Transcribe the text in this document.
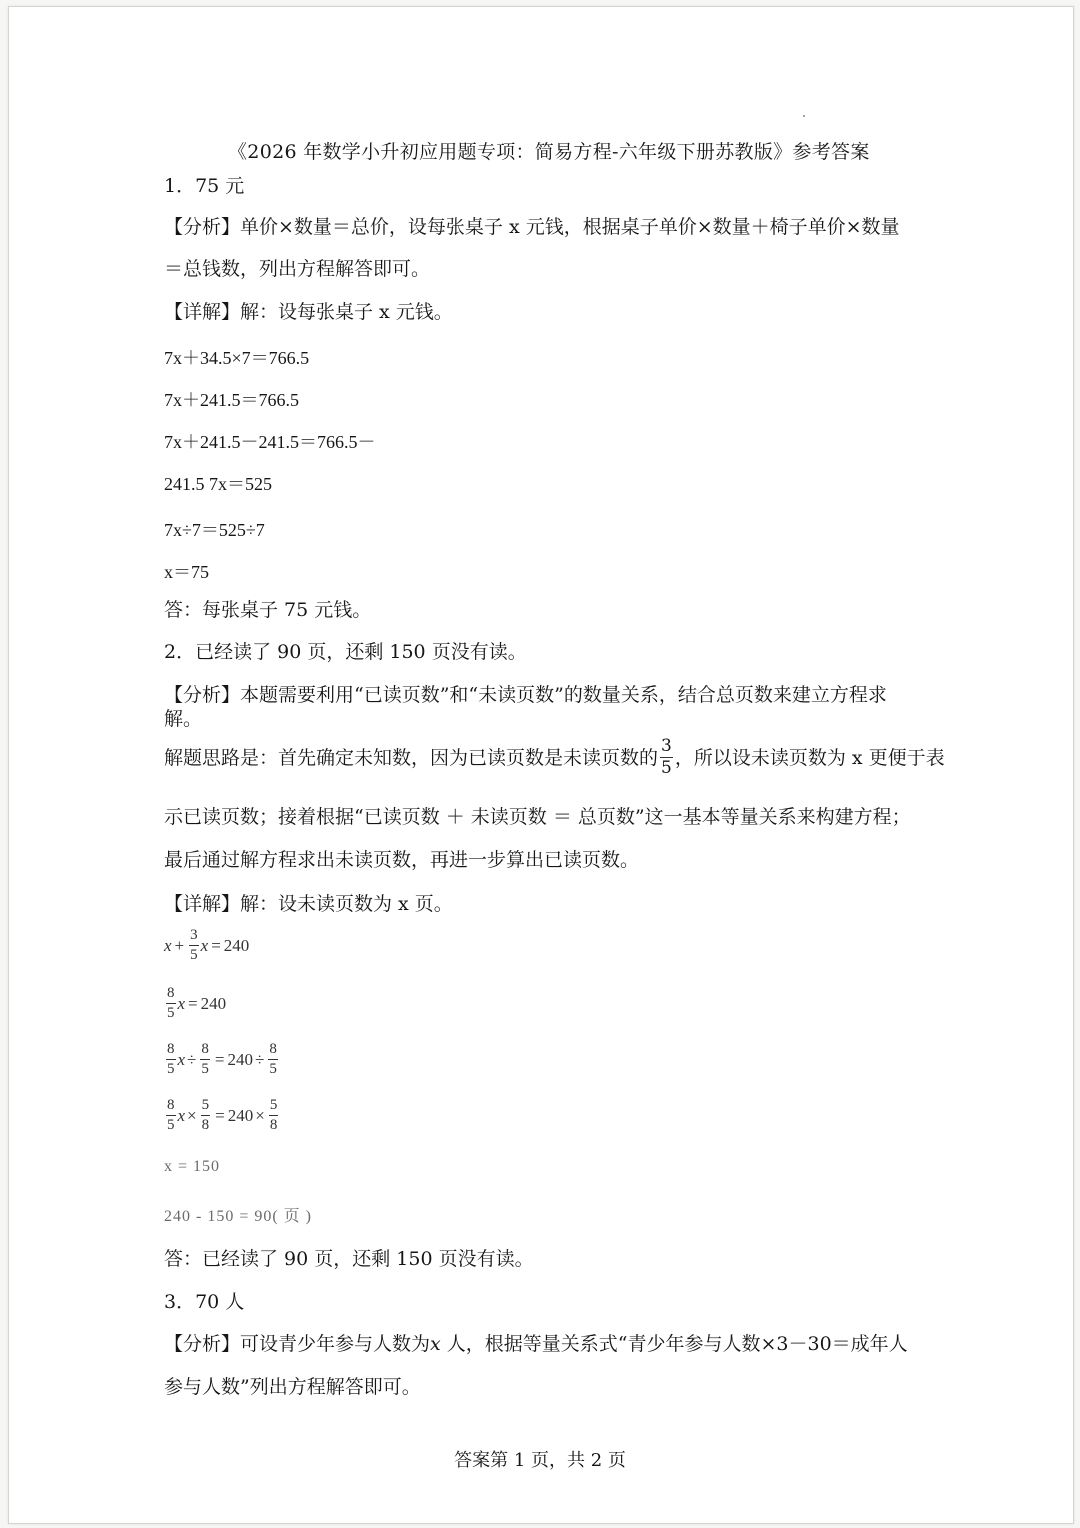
《2026 年数学小升初应用题专项：简易方程-六年级下册苏教版》参考答案
1．75 元
【分析】单价×数量＝总价，设每张桌子 x 元钱，根据桌子单价×数量＋椅子单价×数量
＝总钱数，列出方程解答即可。
【详解】解：设每张桌子 x 元钱。
7x＋34.5×7＝766.5
7x＋241.5＝766.5
7x＋241.5－241.5＝766.5－
241.5 7x＝525
7x÷7＝525÷7
x＝75
答：每张桌子 75 元钱。
2．已经读了 90 页，还剩 150 页没有读。
【分析】本题需要利用“已读页数”和“未读页数”的数量关系，结合总页数来建立方程求
解。
解题思路是：首先确定未知数，因为已读页数是未读页数的 $\frac{3}{5}$ ，所以设未读页数为 x 更便于表
示已读页数；接着根据“已读页数 ＋ 未读页数 ＝ 总页数”这一基本等量关系来构建方程；
最后通过解方程求出未读页数，再进一步算出已读页数。
【详解】解：设未读页数为 x 页。
$x + \frac{3}{5}$ x = 240
$\frac{8}{5}$ x = 240
$\frac{8}{5}$ $x \div \frac{8}{5} = 240 \div \frac{8}{5}$
$\frac{8}{5}$ $x \times \frac{5}{8} = 240 \times \frac{5}{8}$
x = 150
240 - 150 = 90( 页 )
答：已经读了 90 页，还剩 150 页没有读。
3．70 人
【分析】可设青少年参与人数为x 人，根据等量关系式“青少年参与人数×3－30＝成年人
参与人数”列出方程解答即可。
答案第 1 页，共 2 页
